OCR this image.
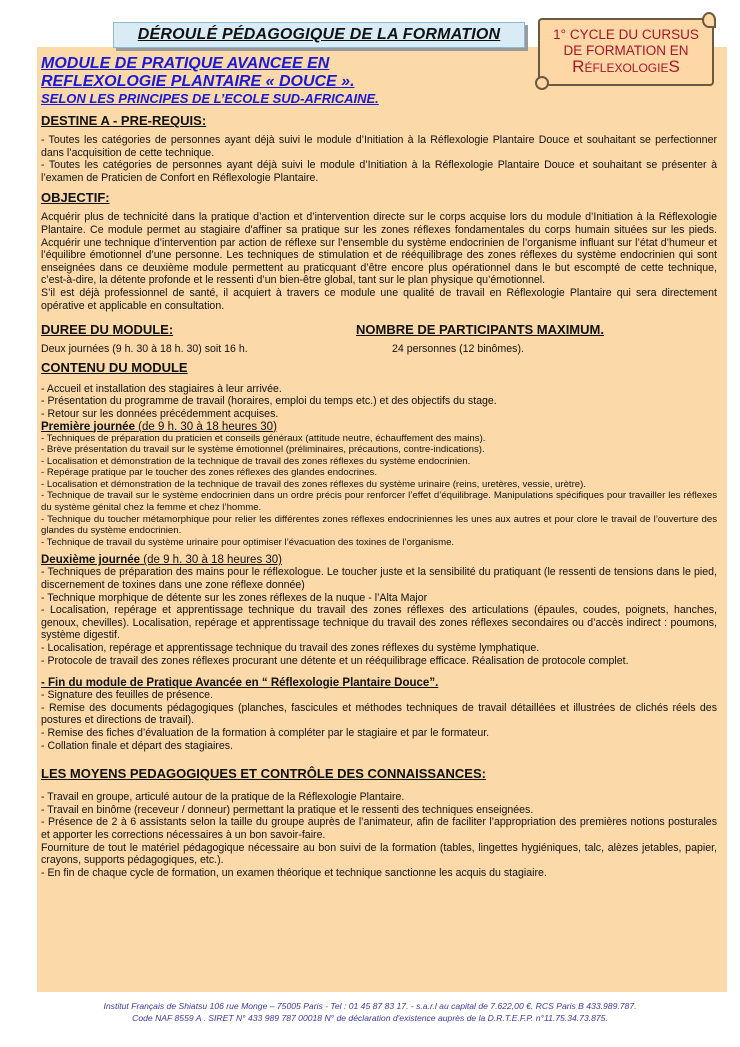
DÉROULÉ PÉDAGOGIQUE DE LA FORMATION	1° CYCLE DU CURSUS
DE FORMATION EN
RéflexologieS

MODULE DE PRATIQUE AVANCEE EN

REFLEXOLOGIE PLANTAIRE « DOUCE ».

SELON LES PRINCIPES DE L’ECOLE SUD-AFRICAINE.

DESTINE A - PRE-REQUIS:

- Toutes les catégories de personnes ayant déjà suivi le module d’Initiation à la Réflexologie Plantaire Douce et souhaitant se perfectionner dans l’acquisition de cette technique.

- Toutes les catégories de personnes ayant déjà suivi le module d’Initiation à la Réflexologie Plantaire Douce et souhaitant se présenter à l’examen de Praticien de Confort en Réflexologie Plantaire.

OBJECTIF:

Acquérir plus de technicité dans la pratique d’action et d’intervention directe sur le corps acquise lors du module d’Initiation à la Réflexologie Plantaire. Ce module permet au stagiaire d'affiner sa pratique sur les zones réflexes fondamentales du corps humain situées sur les pieds. Acquérir une technique d’intervention par action de réflexe sur l’ensemble du système endocrinien de l’organisme influant sur l’état d’humeur et l’équilibre émotionnel d’une personne. Les techniques de stimulation et de rééquilibrage des zones réflexes du système endocrinien qui sont enseignées dans ce deuxième module permettent au praticquant d’être encore plus opérationnel dans le but escompté de cette technique, c’est-à-dire, la détente profonde et le ressenti d’un bien-être global, tant sur le plan physique qu’émotionnel.

S’il est déjà professionnel de santé, il acquiert à travers ce module une qualité de travail en Réflexologie Plantaire qui sera directement opérative et applicable en consultation.

DUREE DU MODULE:

Deux journées (9 h. 30 à 18 h. 30) soit 16 h.

NOMBRE DE PARTICIPANTS MAXIMUM.

24 personnes (12 binômes).

CONTENU DU MODULE
- Accueil et installation des stagiaires à leur arrivée.
- Présentation du programme de travail (horaires, emploi du temps etc.) et des objectifs du stage.
- Retour sur les données précédemment acquises.
Première journée (de 9 h. 30 à 18 heures 30)
- Techniques de préparation du praticien et conseils généraux (attitude neutre, échauffement des mains).
- Brève présentation du travail sur le système émotionnel (préliminaires, précautions, contre-indications).
- Localisation et démonstration de la technique de travail des zones réflexes du système endocrinien.
- Repérage pratique par le toucher des zones réflexes des glandes endocrines.
- Localisation et démonstration de la technique de travail des zones réflexes du système urinaire (reins, uretères, vessie, urètre).
- Technique de travail sur le système endocrinien dans un ordre précis pour renforcer l’effet d’équilibrage. Manipulations spécifiques pour travailler les réflexes du système génital chez la femme et chez l’homme.
- Technique du toucher métamorphique pour relier les différentes zones réflexes endocriniennes les unes aux autres et pour clore le travail de l’ouverture des glandes du système endocrinien.
- Technique de travail du système urinaire pour optimiser l’évacuation des toxines de l’organisme.
Deuxième journée (de 9 h. 30 à 18 heures 30)
- Techniques de préparation des mains pour le réflexologue. Le toucher juste et la sensibilité du pratiquant (le ressenti de tensions dans le pied, discernement de toxines dans une zone réflexe donnée)
- Technique morphique de détente sur les zones réflexes de la nuque - l’Alta Major
- Localisation, repérage et apprentissage technique du travail des zones réflexes des articulations (épaules, coudes, poignets, hanches, genoux, chevilles). Localisation, repérage et apprentissage technique du travail des zones réflexes secondaires ou d’accès indirect : poumons, système digestif.
- Localisation, repérage et apprentissage technique du travail des zones réflexes du système lymphatique.
- Protocole de travail des zones réflexes procurant une détente et un rééquilibrage efficace. Réalisation de protocole complet.
- Fin du module de Pratique Avancée en “ Réflexologie Plantaire Douce”.
- Signature des feuilles de présence.
- Remise des documents pédagogiques (planches, fascicules et méthodes techniques de travail détaillées et illustrées de clichés réels des postures et directions de travail).
- Remise des fiches d’évaluation de la formation à compléter par le stagiaire et par le formateur.
- Collation finale et départ des stagiaires.
LES MOYENS PEDAGOGIQUES ET CONTRÔLE DES CONNAISSANCES:
- Travail en groupe, articulé autour de la pratique de la Réflexologie Plantaire.
- Travail en binôme (receveur / donneur) permettant la pratique et le ressenti des techniques enseignées.
- Présence de 2 à 6 assistants selon la taille du groupe auprès de l’animateur, afin de faciliter l’appropriation des premières notions posturales et apporter les corrections nécessaires à un bon savoir-faire.
Fourniture de tout le matériel pédagogique nécessaire au bon suivi de la formation (tables, lingettes hygiéniques, talc, alèzes jetables, papier, crayons, supports pédagogiques, etc.).
- En fin de chaque cycle de formation, un examen théorique et technique sanctionne les acquis du stagiaire.
Institut Français de Shiatsu 106 rue Monge – 75005 Paris - Tel : 01 45 87 83 17. - s.a.r.l au capital de 7.622,00 €. RCS Paris B 433.989.787.
Code NAF 8559 A . SIRET N° 433 989 787 00018 N° de déclaration d'existence auprès de la D.R.T.E.F.P. n°11.75.34.73.875.
